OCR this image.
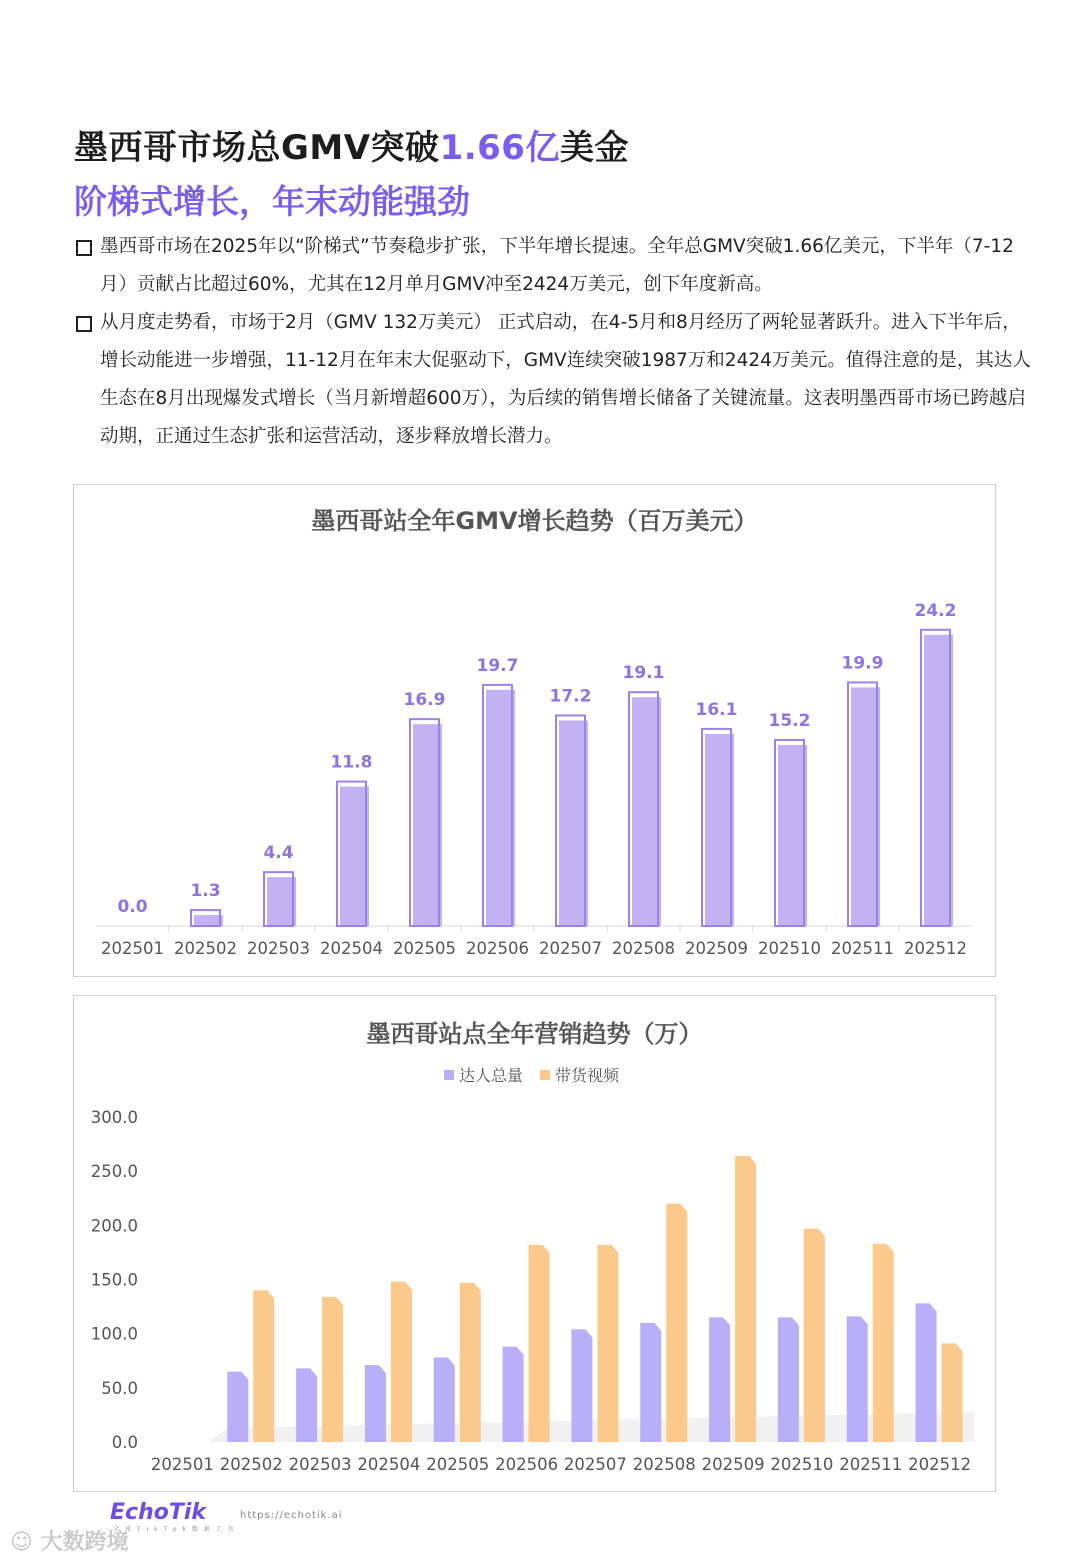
墨西哥市场总GMV突破1.66亿美金
阶梯式增长，年末动能强劲
墨西哥市场在2025年以“阶梯式”节奏稳步扩张，下半年增长提速。全年总GMV突破1.66亿美元，下半年（7-12月）贡献占比超过60%，尤其在12月单月GMV冲至2424万美元，创下年度新高。
从月度走势看，市场于2月（GMV 132万美元） 正式启动，在4-5月和8月经历了两轮显著跃升。进入下半年后，增长动能进一步增强，11-12月在年末大促驱动下，GMV连续突破1987万和2424万美元。值得注意的是，其达人生态在8月出现爆发式增长（当月新增超600万），为后续的销售增长储备了关键流量。这表明墨西哥市场已跨越启动期，正通过生态扩张和运营活动，逐步释放增长潜力。
墨西哥站全年GMV增长趋势（百万美元）
0.0
202501
1.3
202502
4.4
202503
11.8
202504
16.9
202505
19.7
202506
17.2
202507
19.1
202508
16.1
202509
15.2
202510
19.9
202511
24.2
202512
墨西哥站点全年营销趋势（万）
达人总量 带货视频
0.0
50.0
100.0
150.0
200.0
250.0
300.0
202501 202502 202503 202504 202505 202506 202507 202508 202509 202510 202511 202512
EchoTik
全 球 T i k T o k 数 据 工 具
https://echotik.ai
☺ 大数跨境
